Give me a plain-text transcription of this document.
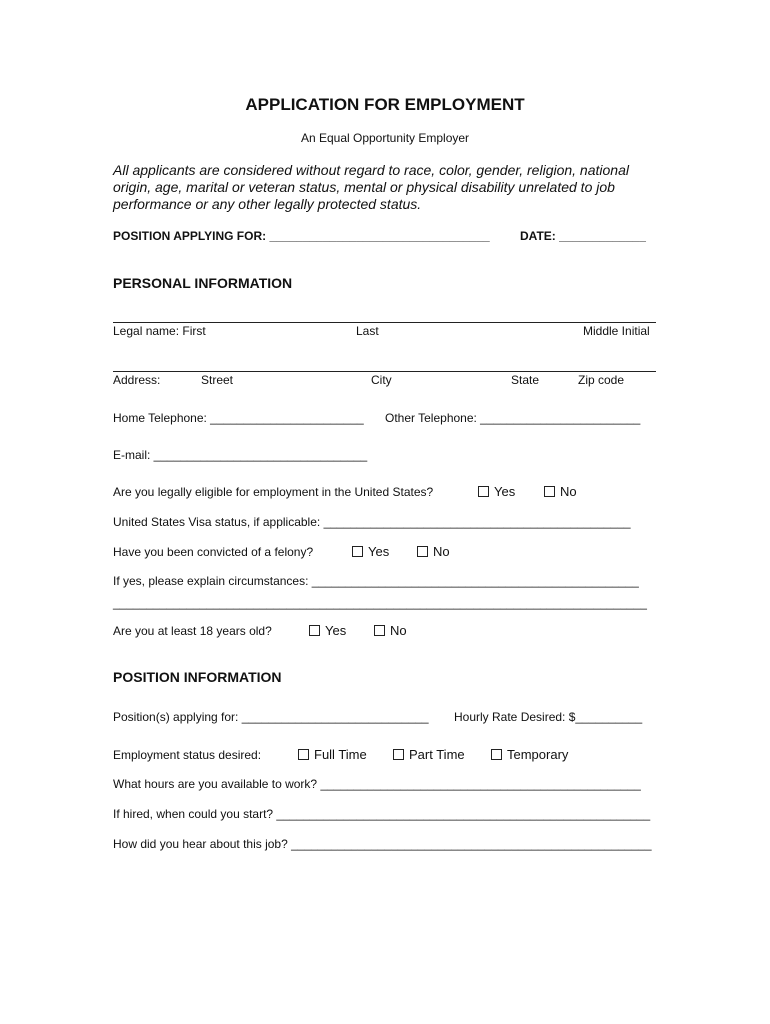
APPLICATION FOR EMPLOYMENT
An Equal Opportunity Employer
All applicants are considered without regard to race, color, gender, religion, national
origin, age, marital or veteran status, mental or physical disability unrelated to job
performance or any other legally protected status.
POSITION APPLYING FOR: _________________________________	DATE: _____________
PERSONAL INFORMATION
Legal name: First	Last	Middle Initial
Address:	Street	City	State	Zip code
Home Telephone: _______________________ Other Telephone: ________________________
E-mail: ________________________________
Are you legally eligible for employment in the United States?	Yes	No
United States Visa status, if applicable: ______________________________________________
Have you been convicted of a felony?	Yes	No
If yes, please explain circumstances: _________________________________________________
________________________________________________________________________________
Are you at least 18 years old?	Yes	No
POSITION INFORMATION
Position(s) applying for: ____________________________ Hourly Rate Desired: $__________
Employment status desired:	Full Time	Part Time	Temporary
What hours are you available to work? ________________________________________________
If hired, when could you start? ________________________________________________________
How did you hear about this job? ______________________________________________________
